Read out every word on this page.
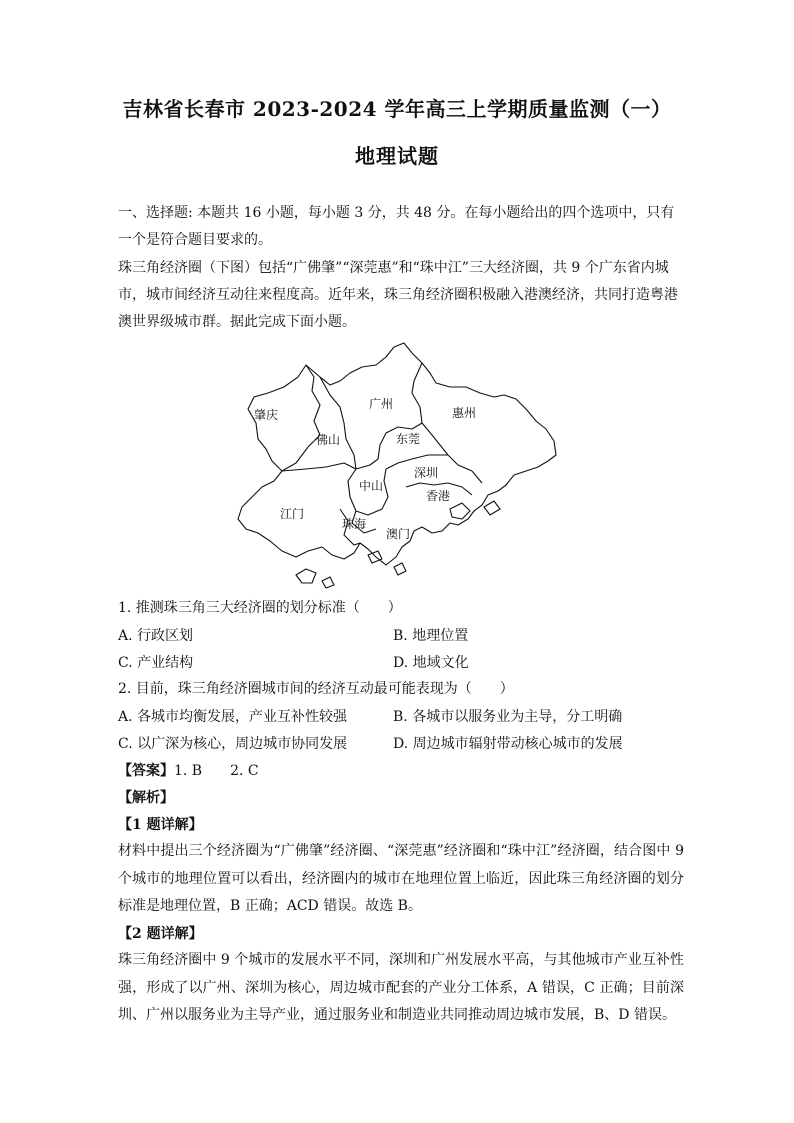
吉林省长春市 2023-2024 学年高三上学期质量监测（一）
地理试题

一、选择题: 本题共 16 小题，每小题 3 分，共 48 分。在每小题给出的四个选项中，只有一个是符合题目要求的。

珠三角经济圈（下图）包括“广佛肇”“深莞惠”和“珠中江”三大经济圈，共 9 个广东省内城市，城市间经济互动往来程度高。近年来，珠三角经济圈积极融入港澳经济，共同打造粤港澳世界级城市群。据此完成下面小题。

肇庆
广州
惠州
佛山	东莞
深圳
中山
香港
江门
珠海
澳门
1. 推测珠三角三大经济圈的划分标准（　　）
A. 行政区划	B. 地理位置
C. 产业结构	D. 地域文化
2. 目前，珠三角经济圈城市间的经济互动最可能表现为（　　）
A. 各城市均衡发展，产业互补性较强	B. 各城市以服务业为主导，分工明确
C. 以广深为核心，周边城市协同发展	D. 周边城市辐射带动核心城市的发展
【答案】1. B　　2. C
【解析】
【1 题详解】

材料中提出三个经济圈为“广佛肇”经济圈、“深莞惠”经济圈和“珠中江”经济圈，结合图中 9 个城市的地理位置可以看出，经济圈内的城市在地理位置上临近，因此珠三角经济圈的划分标准是地理位置，B 正确；ACD 错误。故选 B。

【2 题详解】

珠三角经济圈中 9 个城市的发展水平不同，深圳和广州发展水平高，与其他城市产业互补性强，形成了以广州、深圳为核心，周边城市配套的产业分工体系，A 错误，C 正确；目前深圳、广州以服务业为主导产业，通过服务业和制造业共同推动周边城市发展，B、D 错误。
